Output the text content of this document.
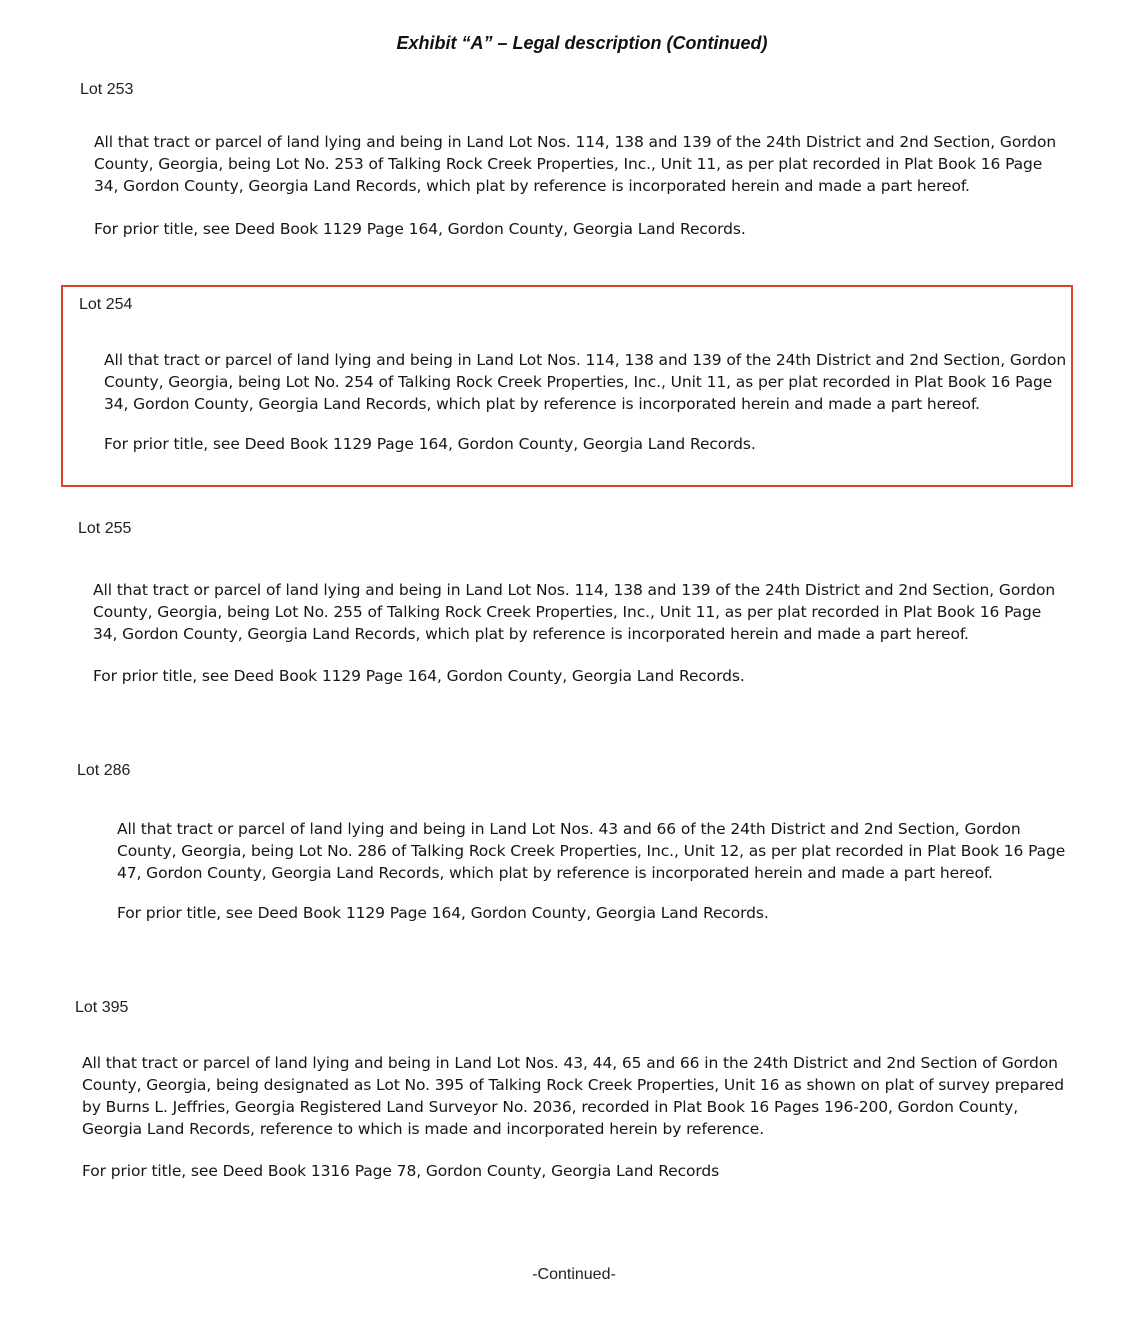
Exhibit “A” – Legal description (Continued)
Lot 253

All that tract or parcel of land lying and being in Land Lot Nos. 114, 138 and 139 of the 24th District and 2nd Section, Gordon County, Georgia, being Lot No. 253 of Talking Rock Creek Properties, Inc., Unit 11, as per plat recorded in Plat Book 16 Page 34, Gordon County, Georgia Land Records, which plat by reference is incorporated herein and made a part hereof.

For prior title, see Deed Book 1129 Page 164, Gordon County, Georgia Land Records.

Lot 254

All that tract or parcel of land lying and being in Land Lot Nos. 114, 138 and 139 of the 24th District and 2nd Section, Gordon County, Georgia, being Lot No. 254 of Talking Rock Creek Properties, Inc., Unit 11, as per plat recorded in Plat Book 16 Page 34, Gordon County, Georgia Land Records, which plat by reference is incorporated herein and made a part hereof.

For prior title, see Deed Book 1129 Page 164, Gordon County, Georgia Land Records.

Lot 255

All that tract or parcel of land lying and being in Land Lot Nos. 114, 138 and 139 of the 24th District and 2nd Section, Gordon County, Georgia, being Lot No. 255 of Talking Rock Creek Properties, Inc., Unit 11, as per plat recorded in Plat Book 16 Page 34, Gordon County, Georgia Land Records, which plat by reference is incorporated herein and made a part hereof.

For prior title, see Deed Book 1129 Page 164, Gordon County, Georgia Land Records.

Lot 286

All that tract or parcel of land lying and being in Land Lot Nos. 43 and 66 of the 24th District and 2nd Section, Gordon County, Georgia, being Lot No. 286 of Talking Rock Creek Properties, Inc., Unit 12, as per plat recorded in Plat Book 16 Page 47, Gordon County, Georgia Land Records, which plat by reference is incorporated herein and made a part hereof.

For prior title, see Deed Book 1129 Page 164, Gordon County, Georgia Land Records.

Lot 395

All that tract or parcel of land lying and being in Land Lot Nos. 43, 44, 65 and 66 in the 24th District and 2nd Section of Gordon County, Georgia, being designated as Lot No. 395 of Talking Rock Creek Properties, Unit 16 as shown on plat of survey prepared by Burns L. Jeffries, Georgia Registered Land Surveyor No. 2036, recorded in Plat Book 16 Pages 196-200, Gordon County, Georgia Land Records, reference to which is made and incorporated herein by reference.

For prior title, see Deed Book 1316 Page 78, Gordon County, Georgia Land Records

-Continued-
